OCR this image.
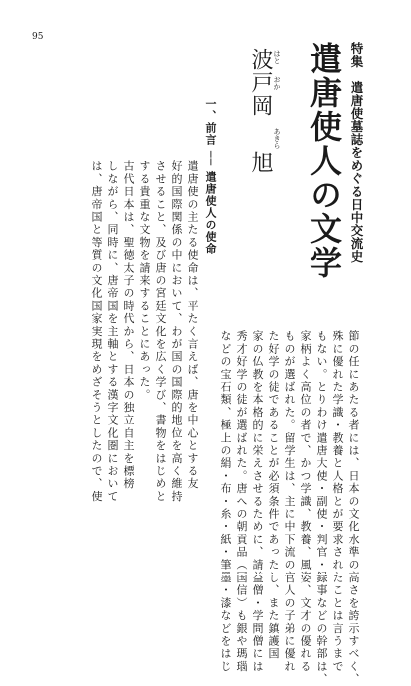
95
特集　遣唐使墓誌をめぐる日中交流史
遣唐使人の文学
波戸岡旭
はと
おか
あきら
一、前言 ── 遣唐使人の使命
遣唐使の主たる使命は、平たく言えば、唐を中心とする友
好的国際関係の中において、わが国の国際的地位を高く維持
させること、及び唐の宮廷文化を広く学び、書物をはじめと
する貴重な文物を請来することにあった。
古代日本は、聖徳太子の時代から、日本の独立自主を標榜
しながら、同時に、唐帝国を主軸とする漢字文化圏において
は、唐帝国と等質の文化国家実現をめざそうとしたので、使	節の任にあたる者には、日本の文化水準の高さを誇示すべく、
殊に優れた学識・教養と人格とが要求されたことは言うまで
もない。とりわけ遣唐大使・副使・判官・録事などの幹部は、
家柄よく高位の者で、かつ学識、教養、風姿、文才の優れる
ものが選ばれた。留学生は、主に中下流の官人の子弟に優れ
た好学の徒であることが必須条件であったし、また鎮護国
家の仏教を本格的に栄えさせるために、請益僧・学問僧には
秀才好学の徒が選ばれた。唐への朝貢品（国信）も銀や瑪瑙
などの宝石類、極上の絹・布・糸・紙・筆墨・漆などをはじ
